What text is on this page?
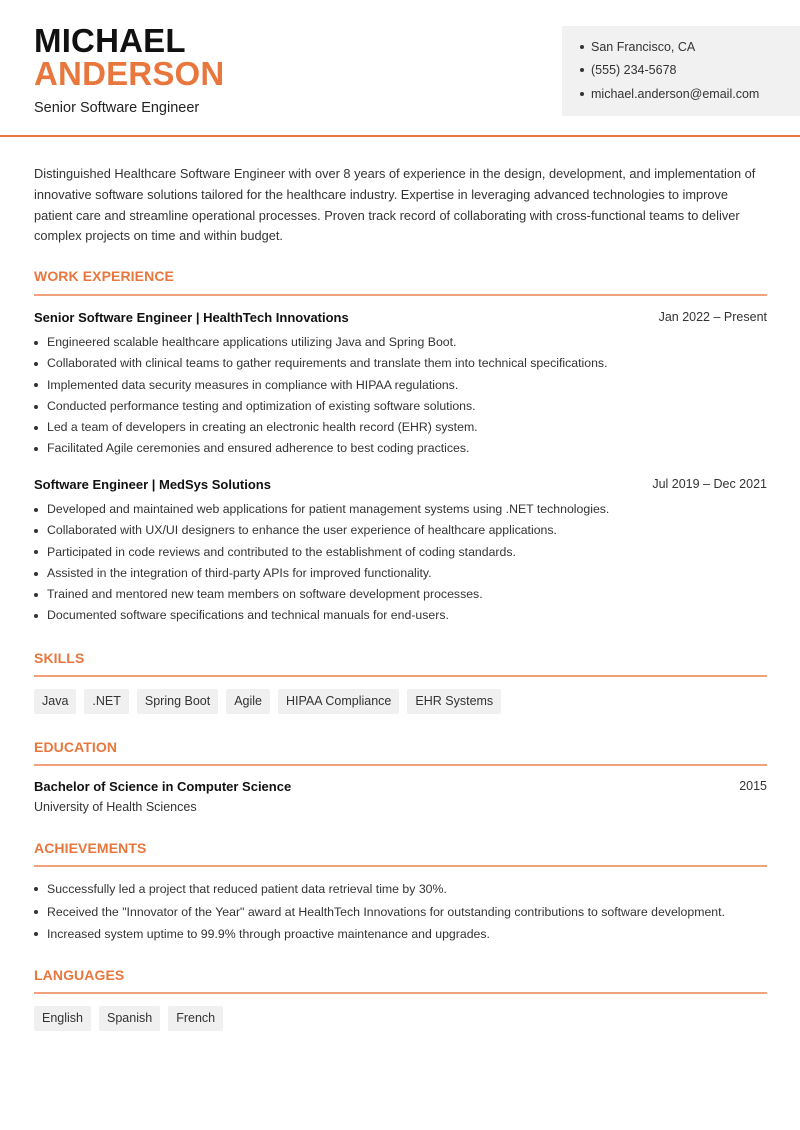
MICHAEL
ANDERSON
Senior Software Engineer
San Francisco, CA
(555) 234-5678
michael.anderson@email.com

Distinguished Healthcare Software Engineer with over 8 years of experience in the design, development, and implementation of innovative software solutions tailored for the healthcare industry. Expertise in leveraging advanced technologies to improve patient care and streamline operational processes. Proven track record of collaborating with cross-functional teams to deliver complex projects on time and within budget.

WORK EXPERIENCE
Senior Software Engineer | HealthTech Innovations	Jan 2022 – Present
Engineered scalable healthcare applications utilizing Java and Spring Boot.
Collaborated with clinical teams to gather requirements and translate them into technical specifications.
Implemented data security measures in compliance with HIPAA regulations.
Conducted performance testing and optimization of existing software solutions.
Led a team of developers in creating an electronic health record (EHR) system.
Facilitated Agile ceremonies and ensured adherence to best coding practices.
Software Engineer | MedSys Solutions	Jul 2019 – Dec 2021
Developed and maintained web applications for patient management systems using .NET technologies.
Collaborated with UX/UI designers to enhance the user experience of healthcare applications.
Participated in code reviews and contributed to the establishment of coding standards.
Assisted in the integration of third-party APIs for improved functionality.
Trained and mentored new team members on software development processes.
Documented software specifications and technical manuals for end-users.
SKILLS
Java	.NET	Spring Boot	Agile	HIPAA Compliance	EHR Systems
EDUCATION
Bachelor of Science in Computer Science	2015
University of Health Sciences
ACHIEVEMENTS
Successfully led a project that reduced patient data retrieval time by 30%.
Received the "Innovator of the Year" award at HealthTech Innovations for outstanding contributions to software development.
Increased system uptime to 99.9% through proactive maintenance and upgrades.
LANGUAGES
English	Spanish	French
